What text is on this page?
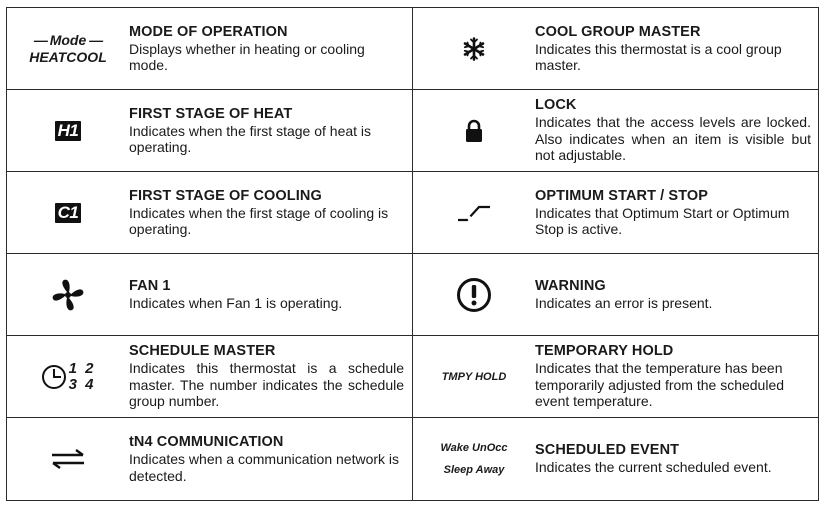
— Mode —
HEATCOOL
MODE OF OPERATION
Displays whether in heating or cooling mode.
COOL GROUP MASTER
Indicates this thermostat is a cool group master.
H1
FIRST STAGE OF HEAT
Indicates when the first stage of heat is operating.
LOCK
Indicates that the access levels are locked. Also indicates when an item is visible but not adjustable.
C1
FIRST STAGE OF COOLING
Indicates when the first stage of cooling is operating.
OPTIMUM START / STOP
Indicates that Optimum Start or Optimum Stop is active.
FAN 1
Indicates when Fan 1 is operating.
WARNING
Indicates an error is present.
1 2
3 4
SCHEDULE MASTER
Indicates this thermostat is a schedule master. The number indicates the schedule group number.
TMPY HOLD
TEMPORARY HOLD
Indicates that the temperature has been temporarily adjusted from the scheduled event temperature.
tN4 COMMUNICATION
Indicates when a communication network is detected.
Wake UnOcc
Sleep Away
SCHEDULED EVENT
Indicates the current scheduled event.
